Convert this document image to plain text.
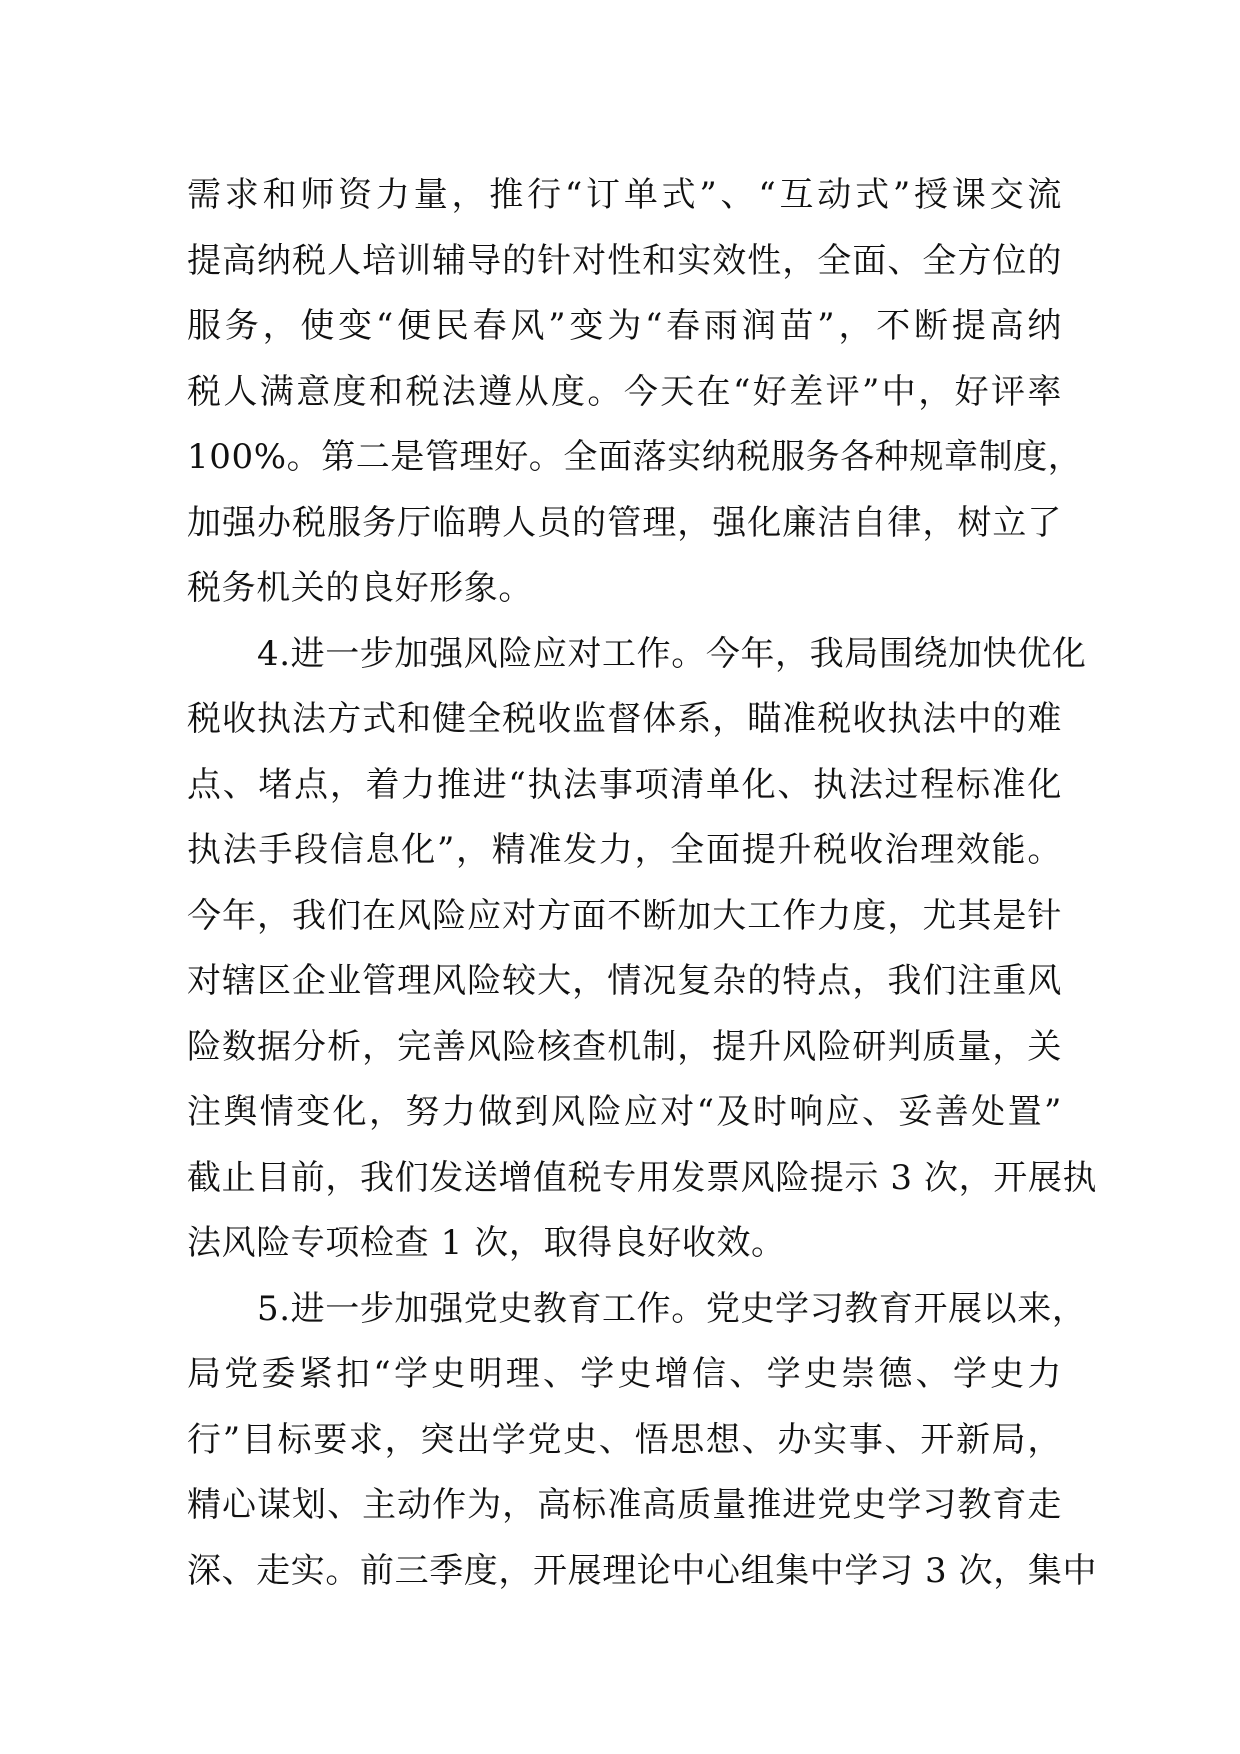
需求和师资力量，推行“订单式”、“互动式”授课交流
提高纳税人培训辅导的针对性和实效性，全面、全方位的
服务，使变“便民春风”变为“春雨润苗”，不断提高纳
税人满意度和税法遵从度。今天在“好差评”中，好评率
100%。第二是管理好。全面落实纳税服务各种规章制度，
加强办税服务厅临聘人员的管理，强化廉洁自律，树立了
税务机关的良好形象。
4.进一步加强风险应对工作。今年，我局围绕加快优化
税收执法方式和健全税收监督体系，瞄准税收执法中的难
点、堵点，着力推进“执法事项清单化、执法过程标准化
执法手段信息化”，精准发力，全面提升税收治理效能。
今年，我们在风险应对方面不断加大工作力度，尤其是针
对辖区企业管理风险较大，情况复杂的特点，我们注重风
险数据分析，完善风险核查机制，提升风险研判质量，关
注舆情变化，努力做到风险应对“及时响应、妥善处置”
截止目前，我们发送增值税专用发票风险提示 3 次，开展执
法风险专项检查 1 次，取得良好收效。
5.进一步加强党史教育工作。党史学习教育开展以来，
局党委紧扣“学史明理、学史增信、学史崇德、学史力
行”目标要求，突出学党史、悟思想、办实事、开新局，
精心谋划、主动作为，高标准高质量推进党史学习教育走
深、走实。前三季度，开展理论中心组集中学习 3 次，集中
